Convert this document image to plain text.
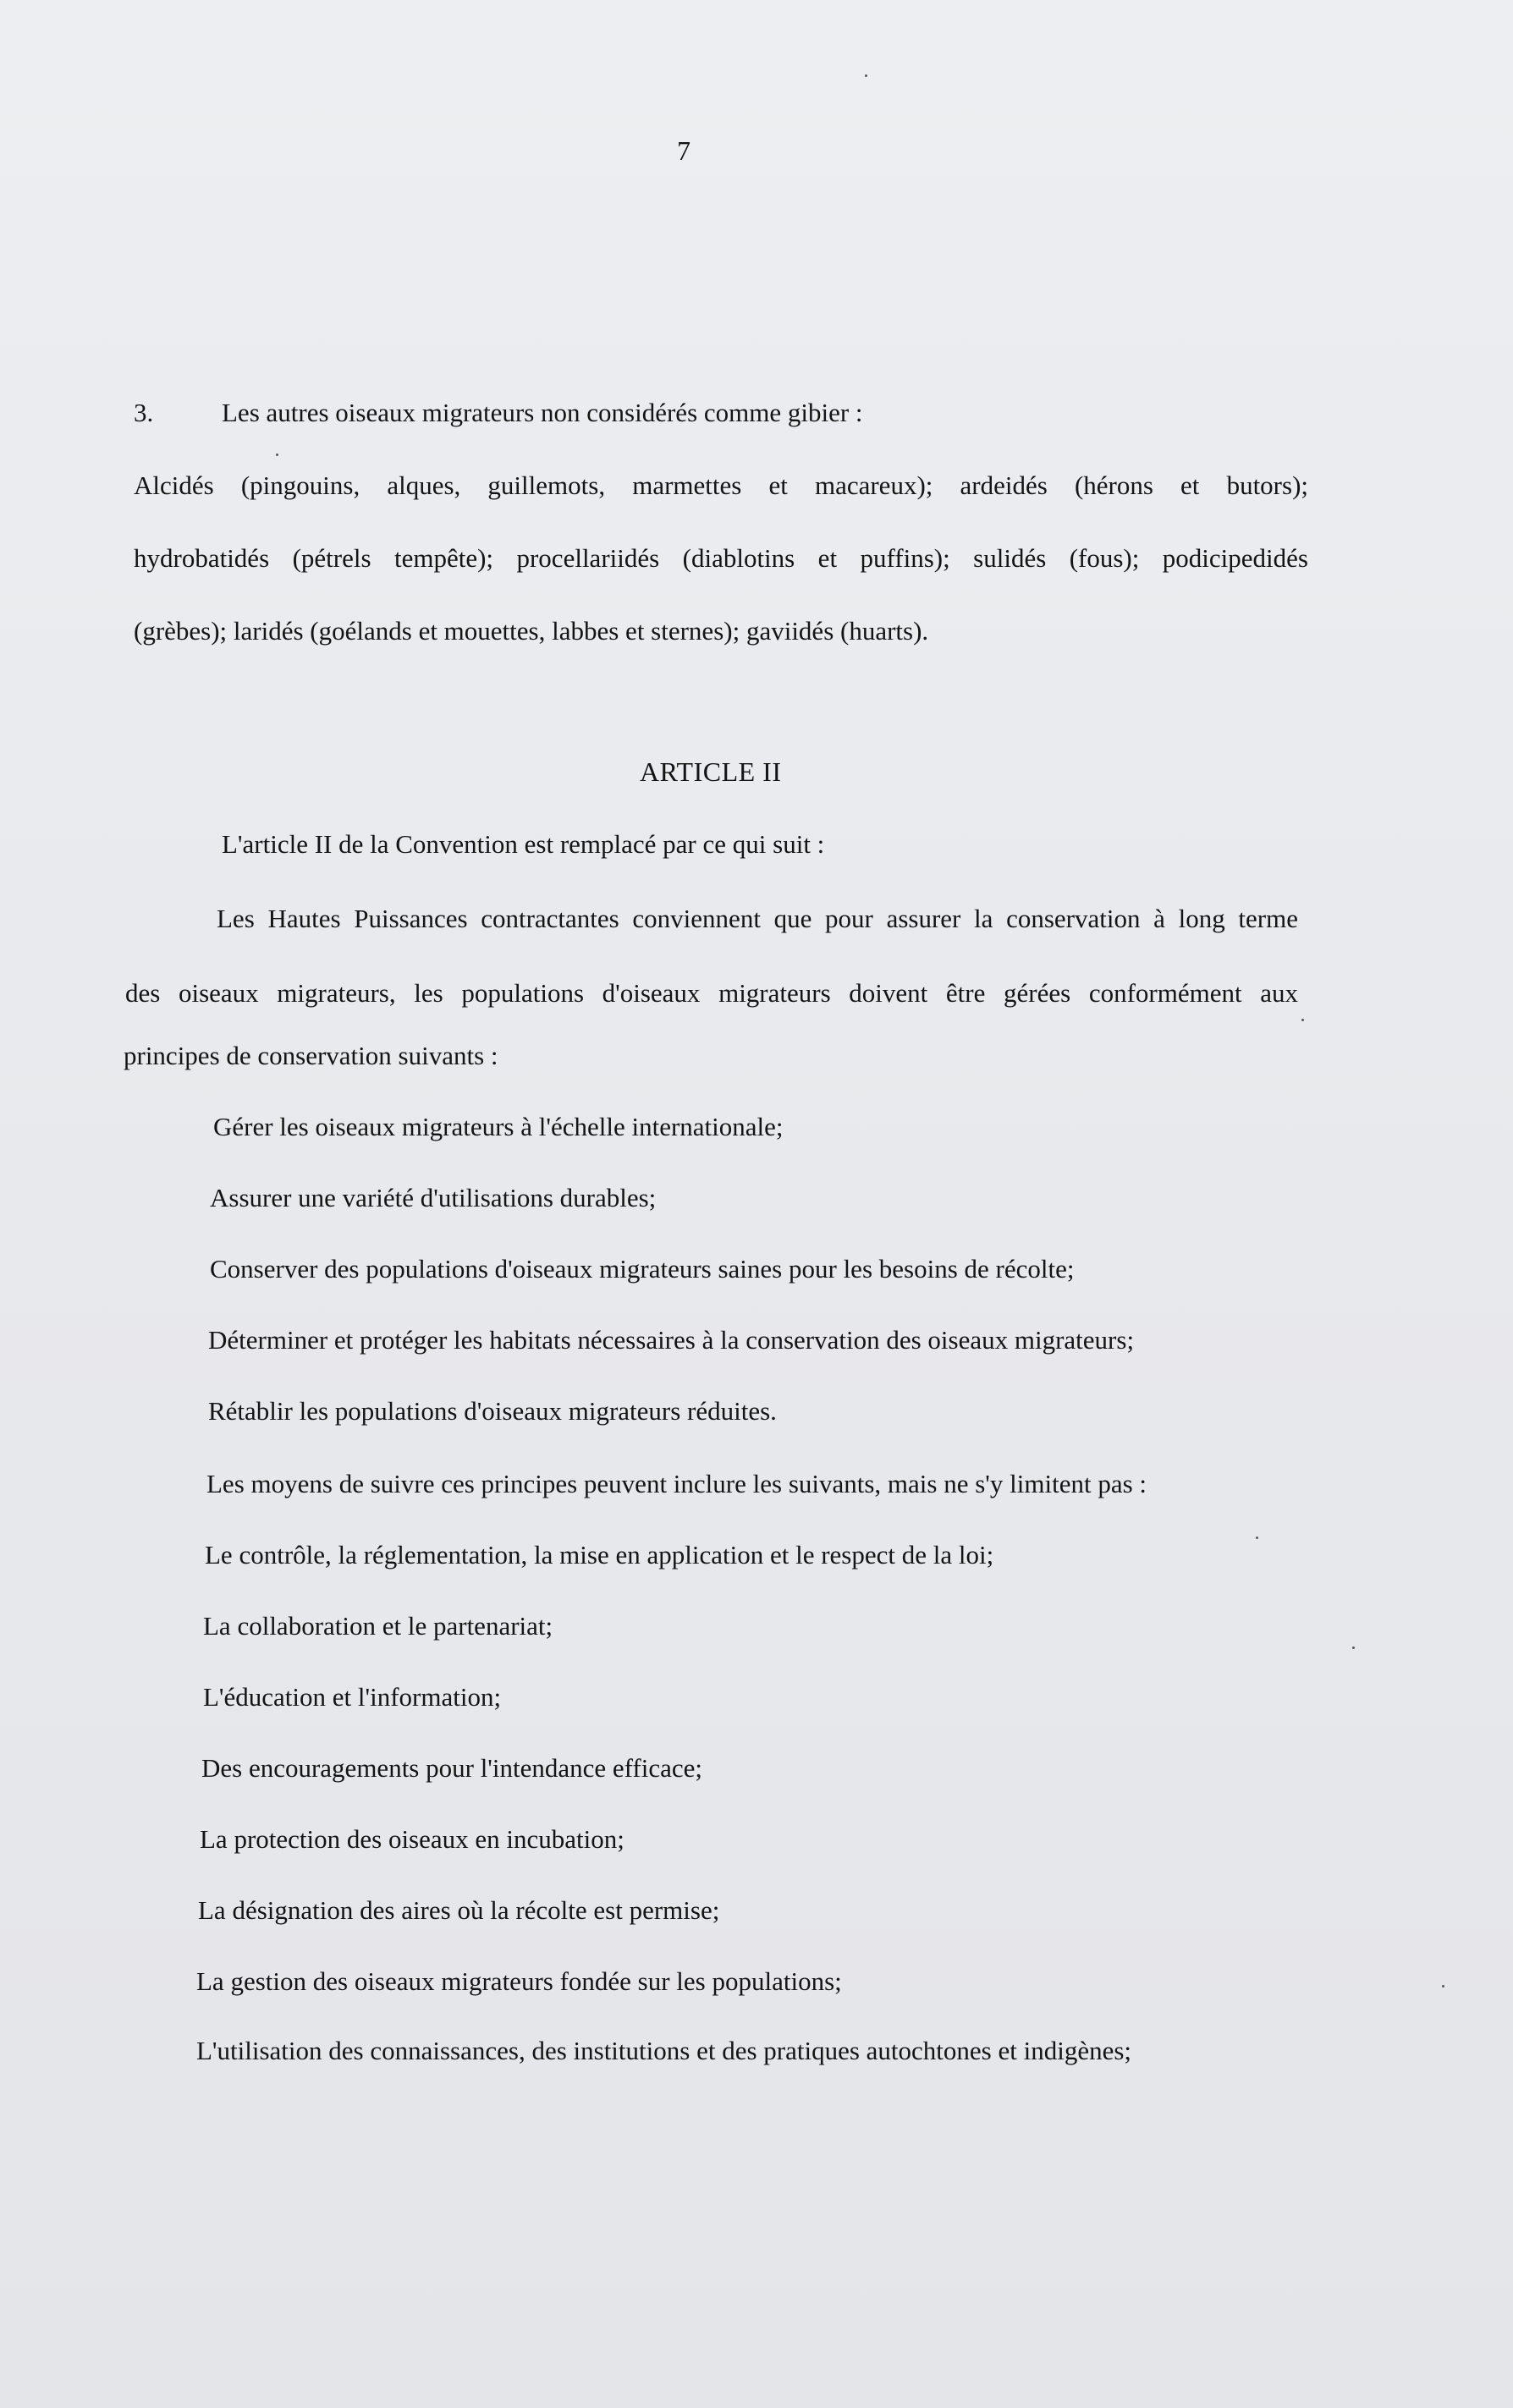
7
3.	Les autres oiseaux migrateurs non considérés comme gibier :
Alcidés (pingouins, alques, guillemots, marmettes et macareux); ardeidés (hérons et butors);
hydrobatidés (pétrels tempête); procellariidés (diablotins et puffins); sulidés (fous); podicipedidés
(grèbes); laridés (goélands et mouettes, labbes et sternes); gaviidés (huarts).
ARTICLE II
L'article II de la Convention est remplacé par ce qui suit :
Les Hautes Puissances contractantes conviennent que pour assurer la conservation à long terme
des oiseaux migrateurs, les populations d'oiseaux migrateurs doivent être gérées conformément aux
principes de conservation suivants :
Gérer les oiseaux migrateurs à l'échelle internationale;
Assurer une variété d'utilisations durables;
Conserver des populations d'oiseaux migrateurs saines pour les besoins de récolte;
Déterminer et protéger les habitats nécessaires à la conservation des oiseaux migrateurs;
Rétablir les populations d'oiseaux migrateurs réduites.
Les moyens de suivre ces principes peuvent inclure les suivants, mais ne s'y limitent pas :
Le contrôle, la réglementation, la mise en application et le respect de la loi;
La collaboration et le partenariat;
L'éducation et l'information;
Des encouragements pour l'intendance efficace;
La protection des oiseaux en incubation;
La désignation des aires où la récolte est permise;
La gestion des oiseaux migrateurs fondée sur les populations;
L'utilisation des connaissances, des institutions et des pratiques autochtones et indigènes;
